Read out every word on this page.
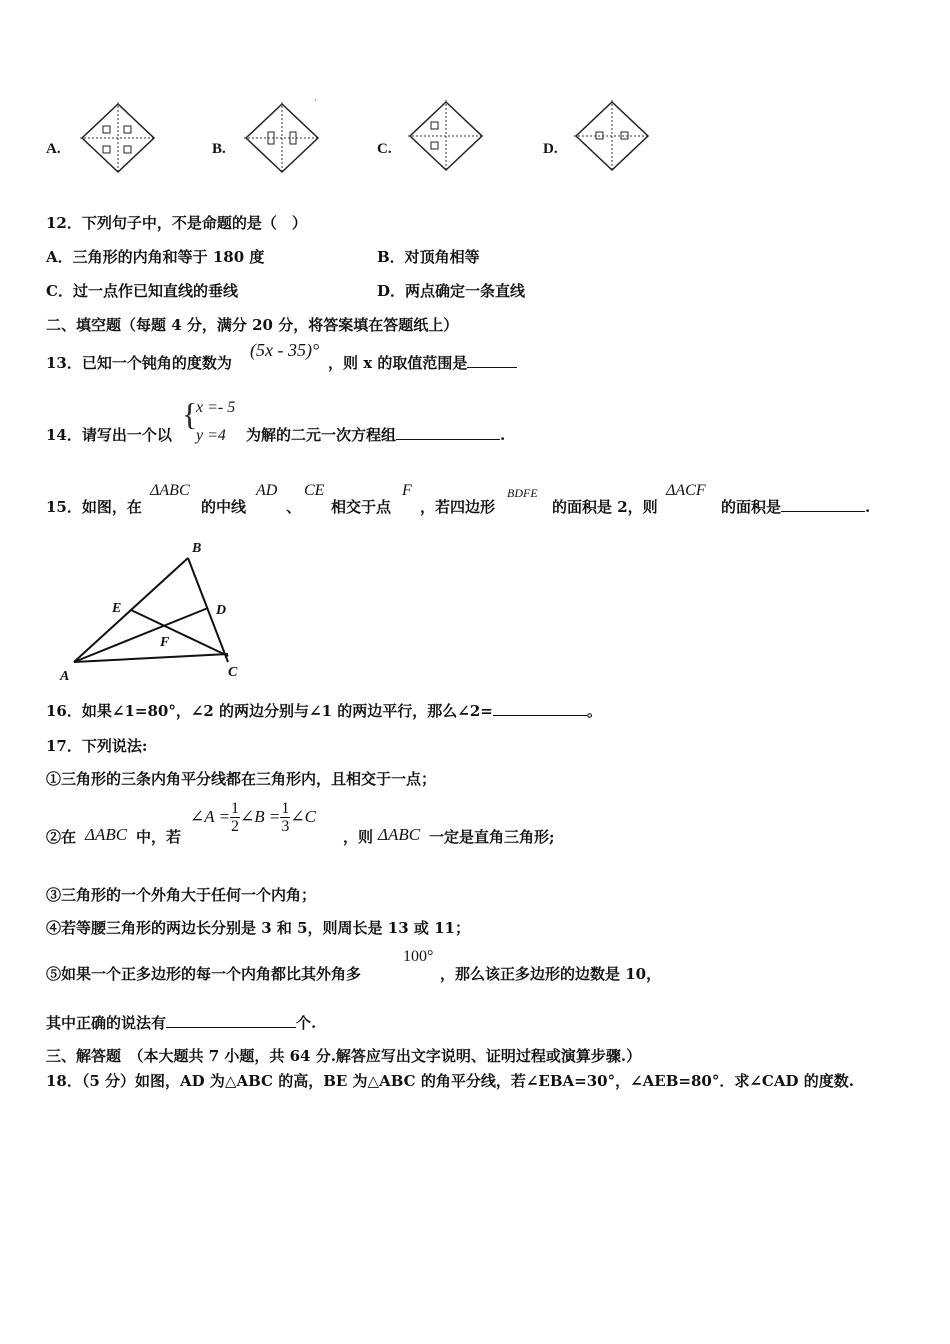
A.	B.
·
C.	D.
12．下列句子中，不是命题的是（　）
A．三角形的内角和等于 180 度	B．对顶角相等
C．过一点作已知直线的垂线	D．两点确定一条直线
二、填空题（每题 4 分，满分 20 分，将答案填在答题纸上）
13．已知一个钝角的度数为
(5x - 35)°
，则 x 的取值范围是
14．请写出一个以
{
x =- 5
y =4 为解的二元一次方程组	.
15．如图，在
ΔABC
的中线
AD
、
CE
相交于点
F
，若四边形
BDFE
的面积是 2，则
ΔACF
的面积是	.
B
E	D
F
A	C
16．如果∠1=80°，∠2 的两边分别与∠1 的两边平行，那么∠2=	。
17．下列说法:
①三角形的三条内角平分线都在三角形内，且相交于一点；
②在 ΔABC 中，若
∠A = $\frac{1}{2}$ ∠B = $\frac{1}{3}$ ∠C
，则 ΔABC 一定是直角三角形;
③三角形的一个外角大于任何一个内角；
④若等腰三角形的两边长分别是 3 和 5，则周长是 13 或 11；
⑤如果一个正多边形的每一个内角都比其外角多
100°
，那么该正多边形的边数是 10，
其中正确的说法有	个.
三、解答题　（本大题共 7 小题，共 64 分.解答应写出文字说明、证明过程或演算步骤.）
18．（5 分）如图，AD 为△ABC 的高，BE 为△ABC 的角平分线，若∠EBA=30°，∠AEB=80°．求∠CAD 的度数.
